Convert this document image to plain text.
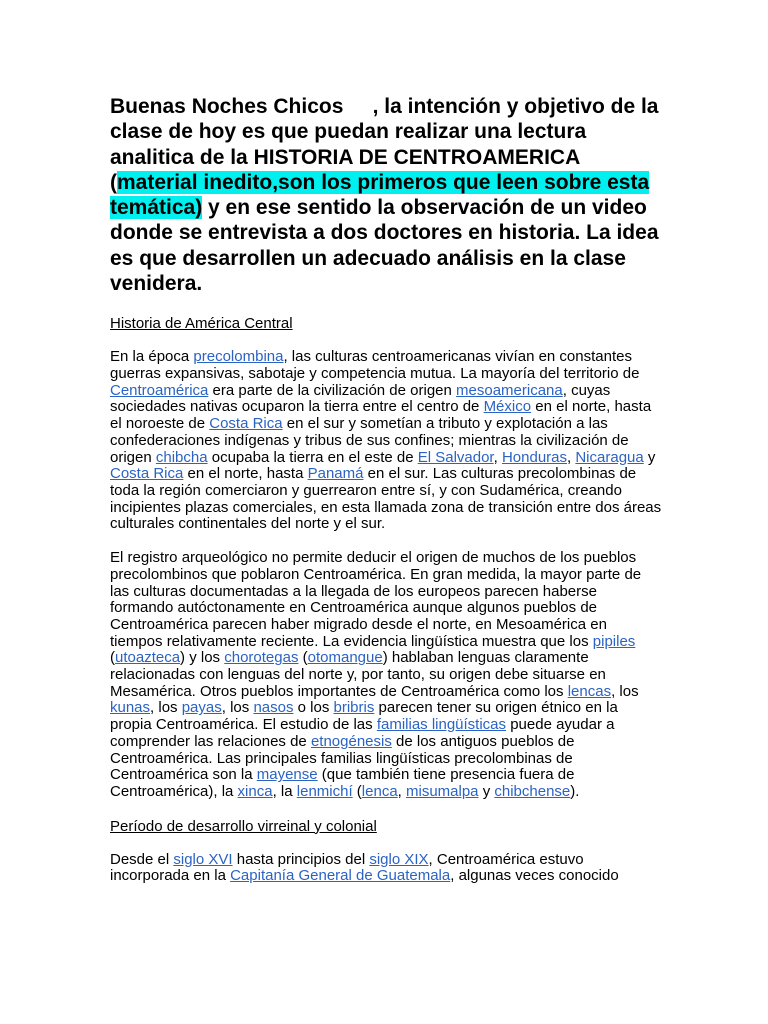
Buenas Noches Chicos , la intención y objetivo de la clase de hoy es que puedan realizar una lectura analitica de la HISTORIA DE CENTROAMERICA (material inedito,son los primeros que leen sobre esta temática) y en ese sentido la observación de un video donde se entrevista a dos doctores en historia. La idea es que desarrollen un adecuado análisis en la clase venidera.

Historia de América Central

En la época precolombina, las culturas centroamericanas vivían en constantes guerras expansivas, sabotaje y competencia mutua. La mayoría del territorio de Centroamérica era parte de la civilización de origen mesoamericana, cuyas sociedades nativas ocuparon la tierra entre el centro de México en el norte, hasta el noroeste de Costa Rica en el sur y sometían a tributo y explotación a las confederaciones indígenas y tribus de sus confines; mientras la civilización de origen chibcha ocupaba la tierra en el este de El Salvador, Honduras, Nicaragua y Costa Rica en el norte, hasta Panamá en el sur. Las culturas precolombinas de toda la región comerciaron y guerrearon entre sí, y con Sudamérica, creando incipientes plazas comerciales, en esta llamada zona de transición entre dos áreas culturales continentales del norte y el sur.

El registro arqueológico no permite deducir el origen de muchos de los pueblos precolombinos que poblaron Centroamérica. En gran medida, la mayor parte de las culturas documentadas a la llegada de los europeos parecen haberse formando autóctonamente en Centroamérica aunque algunos pueblos de Centroamérica parecen haber migrado desde el norte, en Mesoamérica en tiempos relativamente reciente. La evidencia lingüística muestra que los pipiles (utoazteca) y los chorotegas (otomangue) hablaban lenguas claramente relacionadas con lenguas del norte y, por tanto, su origen debe situarse en Mesamérica. Otros pueblos importantes de Centroamérica como los lencas, los kunas, los payas, los nasos o los bribris parecen tener su origen étnico en la propia Centroamérica. El estudio de las familias lingüísticas puede ayudar a comprender las relaciones de etnogénesis de los antiguos pueblos de Centroamérica. Las principales familias lingüísticas precolombinas de Centroamérica son la mayense (que también tiene presencia fuera de Centroamérica), la xinca, la lenmichí (lenca, misumalpa y chibchense).

Período de desarrollo virreinal y colonial

Desde el siglo XVI hasta principios del siglo XIX, Centroamérica estuvo incorporada en la Capitanía General de Guatemala, algunas veces conocido
